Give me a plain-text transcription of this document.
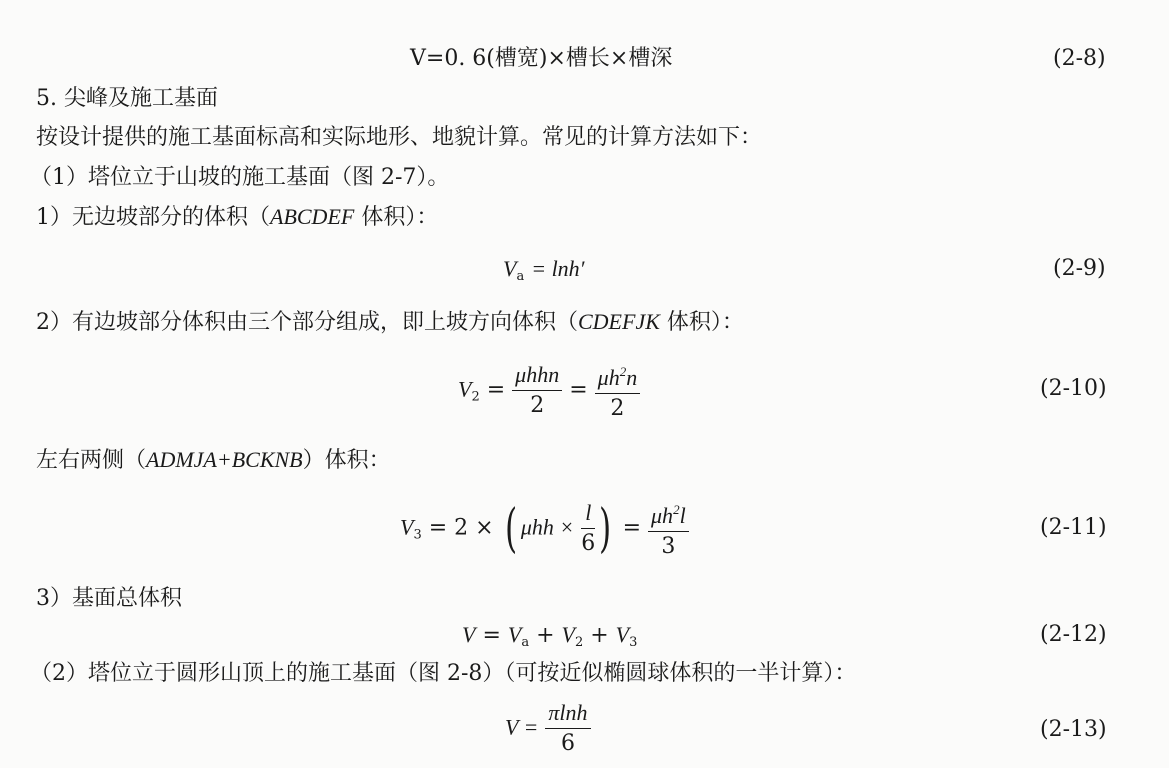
V=0. 6(槽宽)×槽长×槽深	(2-8)
5. 尖峰及施工基面
按设计提供的施工基面标高和实际地形、地貌计算。常见的计算方法如下：
（1）塔位立于山坡的施工基面（图 2-7）。
1）无边坡部分的体积（ABCDEF 体积）：
$V_a = \ln h'$	(2-9)
2）有边坡部分体积由三个部分组成，即上坡方向体积（CDEFJK 体积）：
$V_2 = \frac{\text{μhhn}}{2} = \frac{\mu h^2n}{2}$	(2-10)
左右两侧（ADMJA+BCKNB）体积：
$V_3 = 2$ × ( $\mu hh \times \frac{l}{6}$ ) = $\frac{\mu h^2l}{3}$	(2-11)
3）基面总体积
$V = V_a + V_2 + V_3$	(2-12)
（2）塔位立于圆形山顶上的施工基面（图 2-8）（可按近似椭圆球体积的一半计算）：
$V = \frac{\pi\ln h}{6}$	(2-13)
